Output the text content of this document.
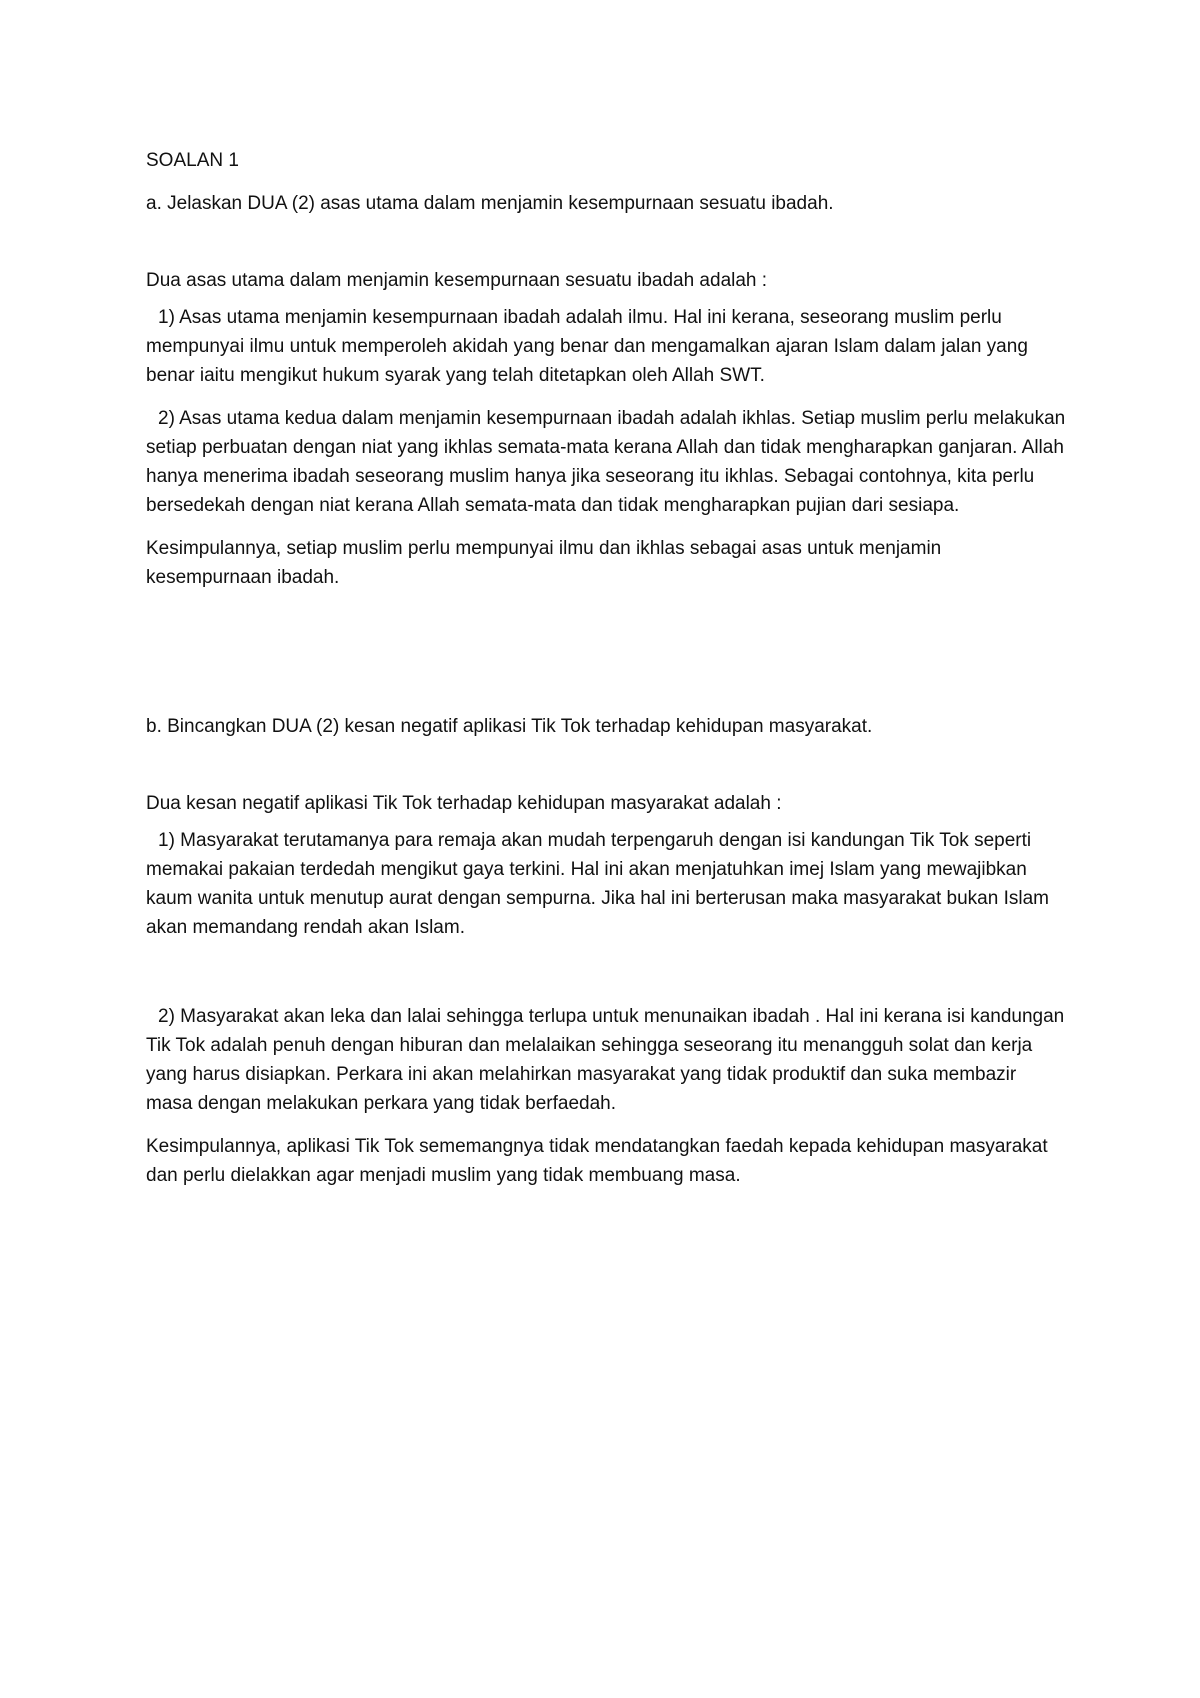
SOALAN 1

a. Jelaskan DUA (2) asas utama dalam menjamin kesempurnaan sesuatu ibadah.

Dua asas utama dalam menjamin kesempurnaan sesuatu ibadah adalah :

1) Asas utama menjamin kesempurnaan ibadah adalah ilmu. Hal ini kerana, seseorang muslim perlu mempunyai ilmu untuk memperoleh akidah yang benar dan mengamalkan ajaran Islam dalam jalan yang benar iaitu mengikut hukum syarak yang telah ditetapkan oleh Allah SWT.

2) Asas utama kedua dalam menjamin kesempurnaan ibadah adalah ikhlas. Setiap muslim perlu melakukan setiap perbuatan dengan niat yang ikhlas semata-mata kerana Allah dan tidak mengharapkan ganjaran. Allah hanya menerima ibadah seseorang muslim hanya jika seseorang itu ikhlas. Sebagai contohnya, kita perlu bersedekah dengan niat kerana Allah semata-mata dan tidak mengharapkan pujian dari sesiapa.

Kesimpulannya, setiap muslim perlu mempunyai ilmu dan ikhlas sebagai asas untuk menjamin kesempurnaan ibadah.

b. Bincangkan DUA (2) kesan negatif aplikasi Tik Tok terhadap kehidupan masyarakat.

Dua kesan negatif aplikasi Tik Tok terhadap kehidupan masyarakat adalah :

1) Masyarakat terutamanya para remaja akan mudah terpengaruh dengan isi kandungan Tik Tok seperti memakai pakaian terdedah mengikut gaya terkini. Hal ini akan menjatuhkan imej Islam yang mewajibkan kaum wanita untuk menutup aurat dengan sempurna. Jika hal ini berterusan maka masyarakat bukan Islam akan memandang rendah akan Islam.

2) Masyarakat akan leka dan lalai sehingga terlupa untuk menunaikan ibadah . Hal ini kerana isi kandungan Tik Tok adalah penuh dengan hiburan dan melalaikan sehingga seseorang itu menangguh solat dan kerja yang harus disiapkan. Perkara ini akan melahirkan masyarakat yang tidak produktif dan suka membazir masa dengan melakukan perkara yang tidak berfaedah.

Kesimpulannya, aplikasi Tik Tok sememangnya tidak mendatangkan faedah kepada kehidupan masyarakat dan perlu dielakkan agar menjadi muslim yang tidak membuang masa.
